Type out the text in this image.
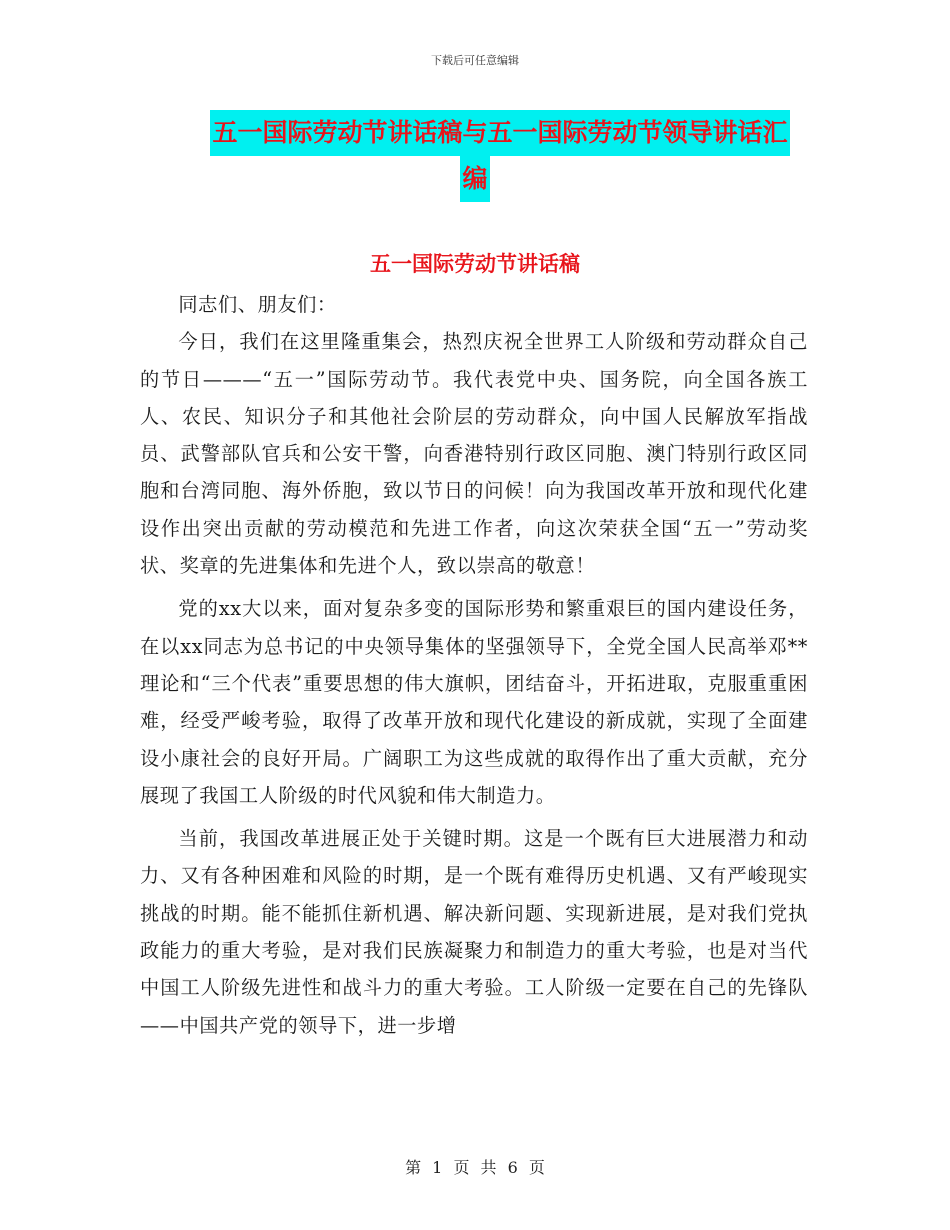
下载后可任意编辑
五一国际劳动节讲话稿与五一国际劳动节领导讲话汇
编
五一国际劳动节讲话稿

同志们、朋友们：

今日，我们在这里隆重集会，热烈庆祝全世界工人阶级和劳动群众自己的节日———“五一”国际劳动节。我代表党中央、国务院，向全国各族工人、农民、知识分子和其他社会阶层的劳动群众，向中国人民解放军指战员、武警部队官兵和公安干警，向香港特别行政区同胞、澳门特别行政区同胞和台湾同胞、海外侨胞，致以节日的问候！向为我国改革开放和现代化建设作出突出贡献的劳动模范和先进工作者，向这次荣获全国“五一”劳动奖状、奖章的先进集体和先进个人，致以崇高的敬意！

党的xx大以来，面对复杂多变的国际形势和繁重艰巨的国内建设任务，在以xx同志为总书记的中央领导集体的坚强领导下，全党全国人民高举邓**理论和“三个代表”重要思想的伟大旗帜，团结奋斗，开拓进取，克服重重困难，经受严峻考验，取得了改革开放和现代化建设的新成就，实现了全面建设小康社会的良好开局。广阔职工为这些成就的取得作出了重大贡献，充分展现了我国工人阶级的时代风貌和伟大制造力。

当前，我国改革进展正处于关键时期。这是一个既有巨大进展潜力和动力、又有各种困难和风险的时期，是一个既有难得历史机遇、又有严峻现实挑战的时期。能不能抓住新机遇、解决新问题、实现新进展，是对我们党执政能力的重大考验，是对我们民族凝聚力和制造力的重大考验，也是对当代中国工人阶级先进性和战斗力的重大考验。工人阶级一定要在自己的先锋队——中国共产党的领导下，进一步增

第 1 页 共 6 页
